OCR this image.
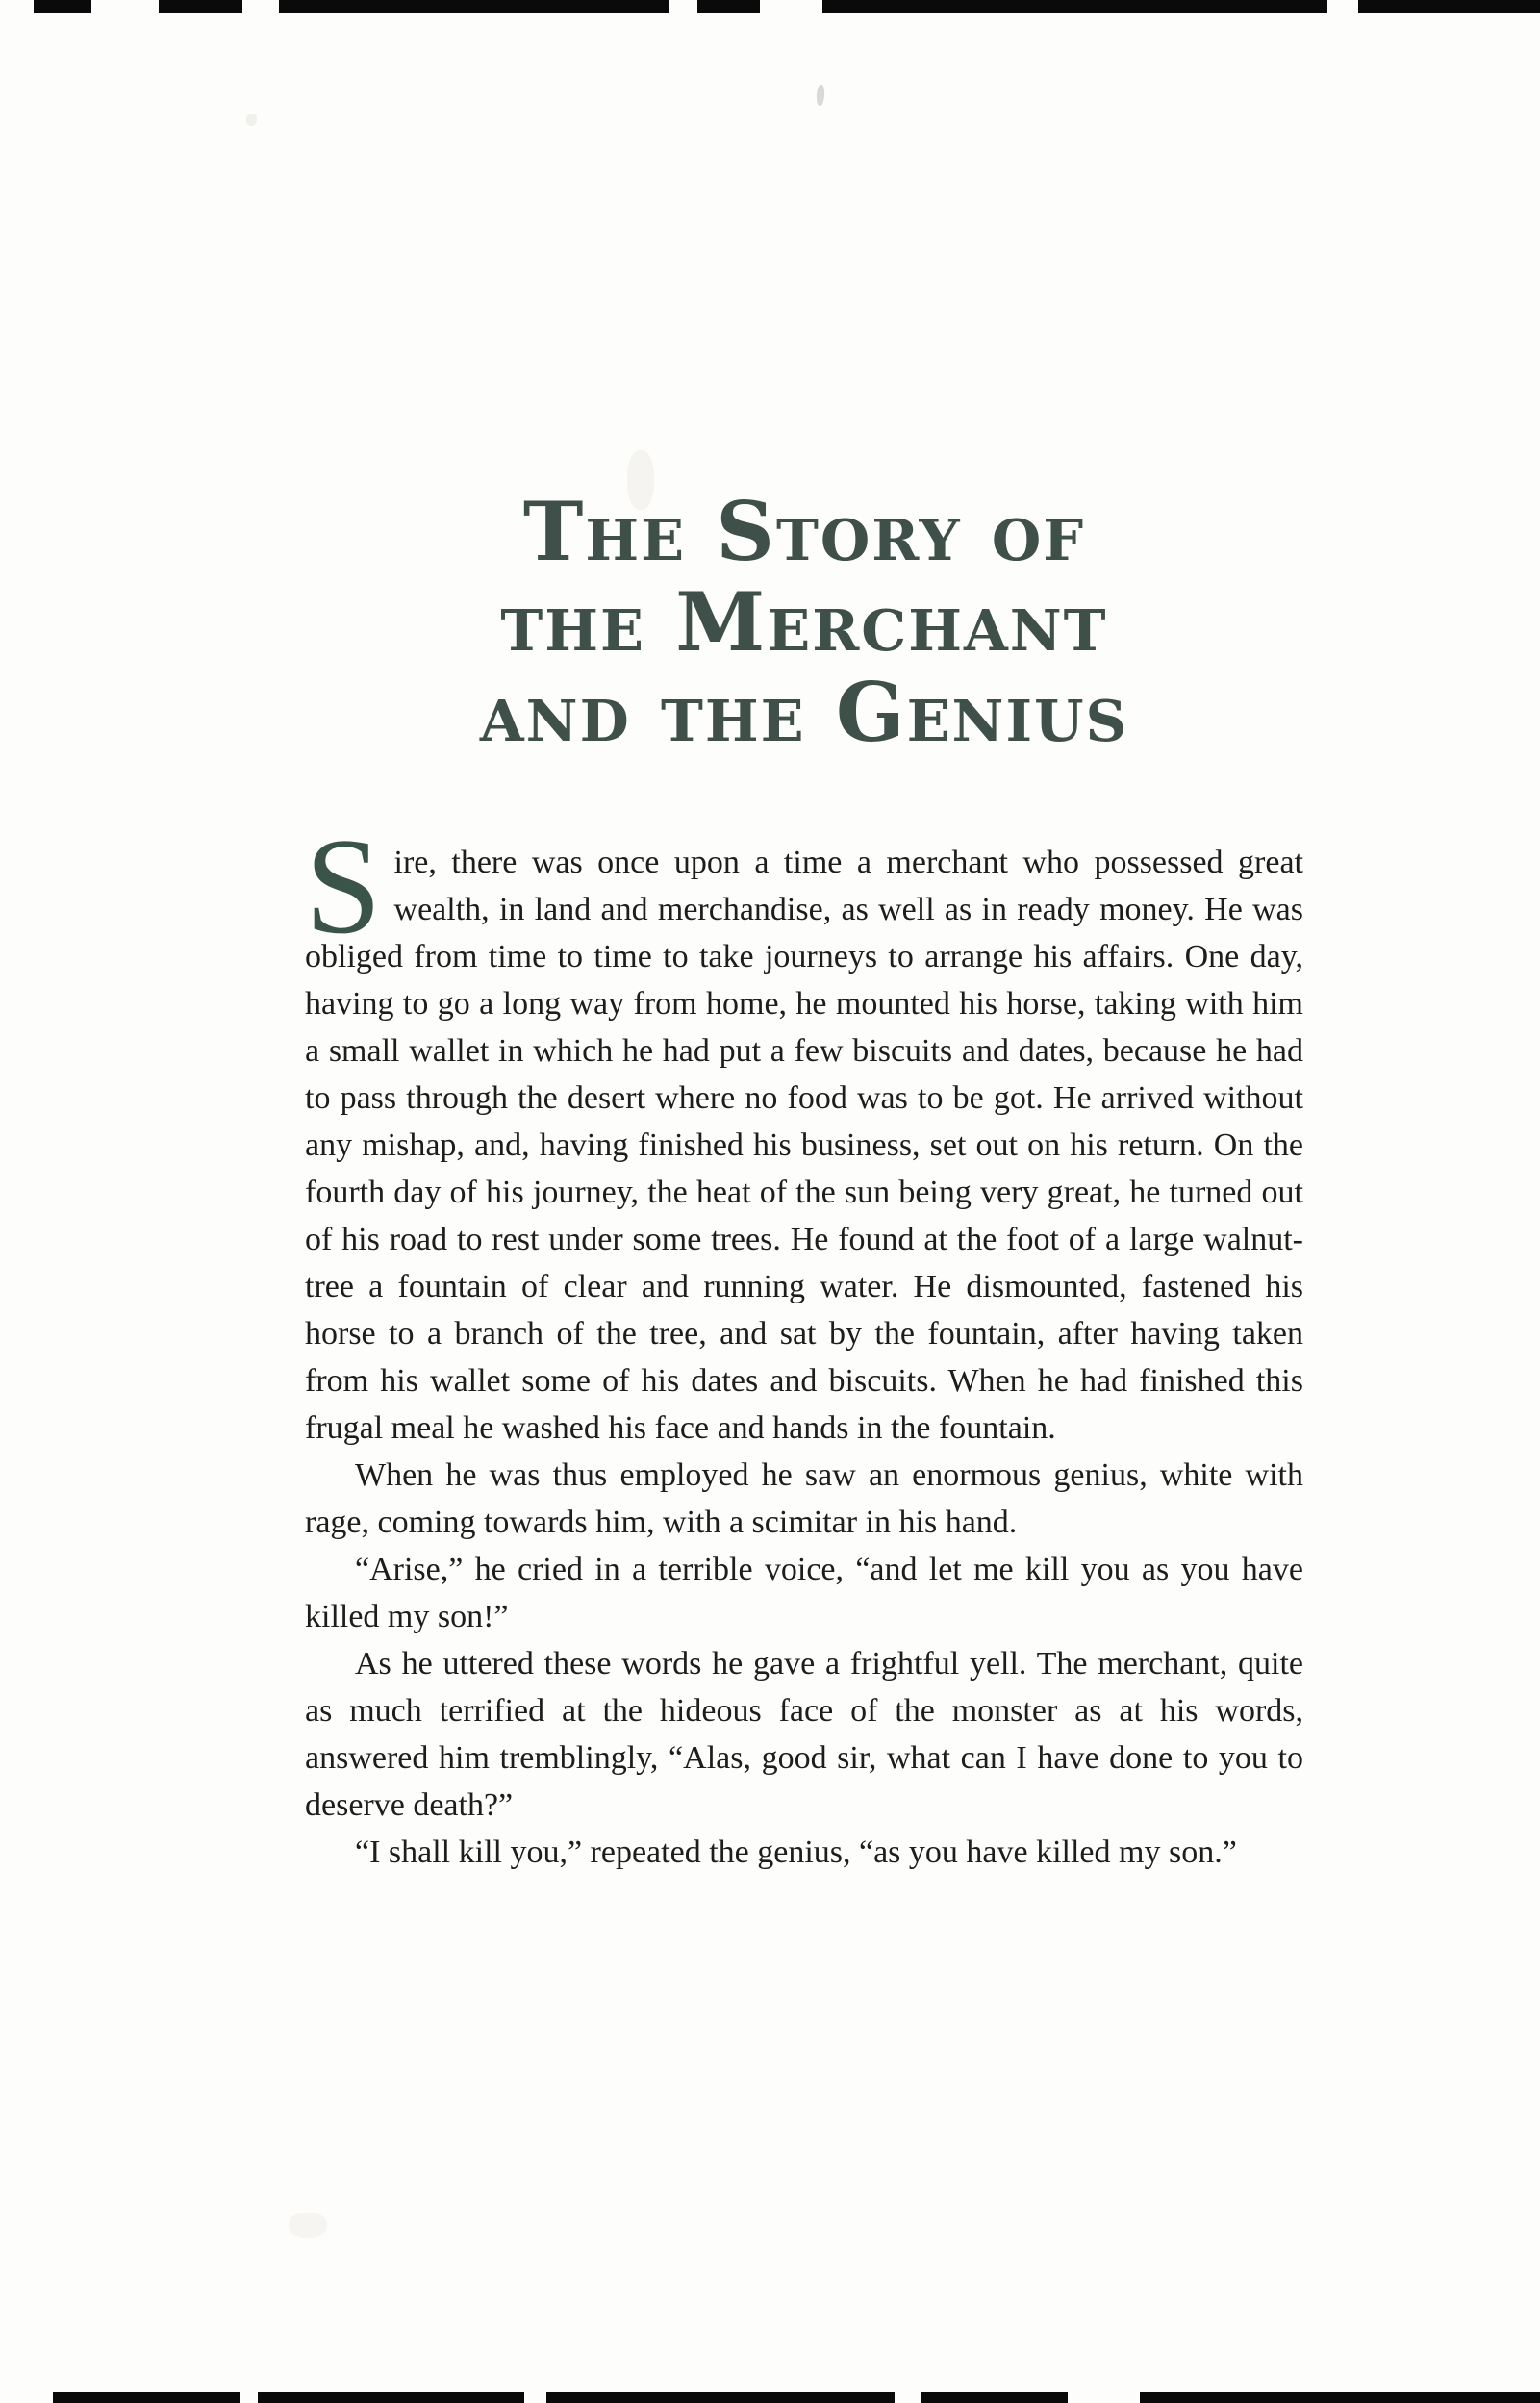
The Story of
the Merchant
and the Genius

Sire, there was once upon a time a merchant who possessed great wealth, in land and merchandise, as well as in ready money. He was obliged from time to time to take journeys to arrange his affairs. One day, having to go a long way from home, he mounted his horse, taking with him a small wallet in which he had put a few biscuits and dates, because he had to pass through the desert where no food was to be got. He arrived without any mishap, and, having finished his business, set out on his return. On the fourth day of his journey, the heat of the sun being very great, he turned out of his road to rest under some trees. He found at the foot of a large walnut-tree a fountain of clear and running water. He dismounted, fastened his horse to a branch of the tree, and sat by the fountain, after having taken from his wallet some of his dates and biscuits. When he had finished this frugal meal he washed his face and hands in the fountain.

When he was thus employed he saw an enormous genius, white with rage, coming towards him, with a scimitar in his hand.

“Arise,” he cried in a terrible voice, “and let me kill you as you have killed my son!”

As he uttered these words he gave a frightful yell. The merchant, quite as much terrified at the hideous face of the monster as at his words, answered him tremblingly, “Alas, good sir, what can I have done to you to deserve death?”

“I shall kill you,” repeated the genius, “as you have killed my son.”
